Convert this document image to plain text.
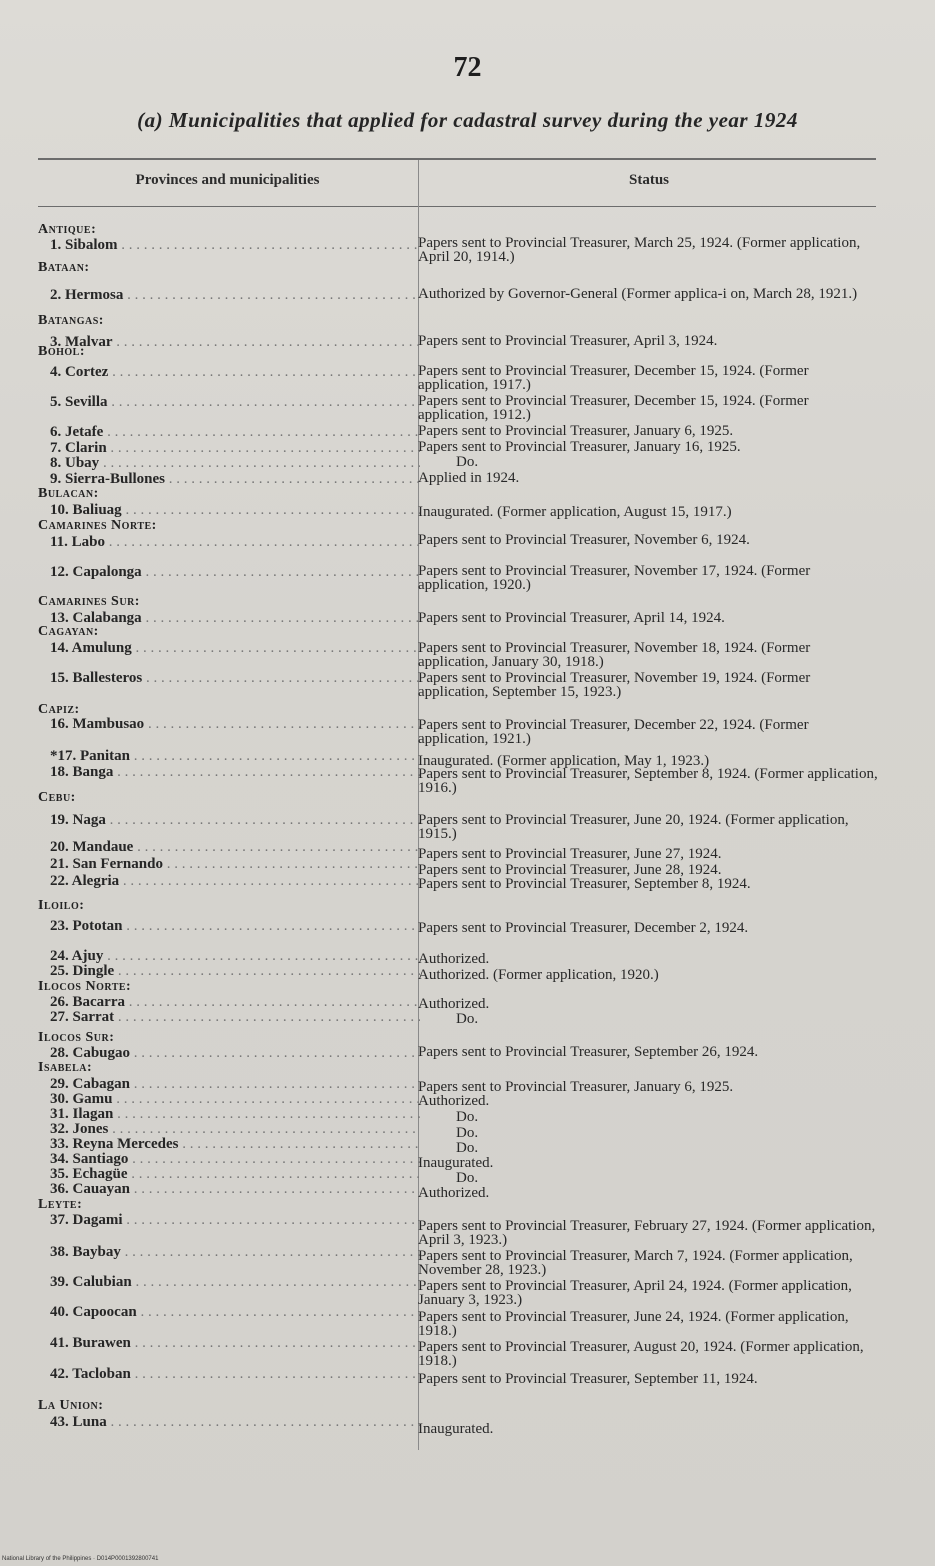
72
(a) Municipalities that applied for cadastral survey during the year 1924
Provinces and municipalities	Status
Antique:
1. Sibalom . . .	Papers sent to Provincial Treasurer, March 25, 1924. (Former application, April 20, 1914.)
Bataan:
2. Hermosa . . .	Authorized by Governor-General (Former applica-i on, March 28, 1921.)
Batangas:
3. Malvar . . .	Papers sent to Provincial Treasurer, April 3, 1924.
Bohol:
4. Cortez . . .	Papers sent to Provincial Treasurer, December 15, 1924. (Former application, 1917.)
5. Sevilla . . .	Papers sent to Provincial Treasurer, December 15, 1924. (Former application, 1912.)
6. Jetafe . . .	Papers sent to Provincial Treasurer, January 6, 1925.
7. Clarin . . .	Papers sent to Provincial Treasurer, January 16, 1925.
8. Ubay . . .	Do.
9. Sierra-Bullones . . .	Applied in 1924.
Bulacan:
10. Baliuag . . .	Inaugurated. (Former application, August 15, 1917.)
Camarines Norte:
11. Labo . . .	Papers sent to Provincial Treasurer, November 6, 1924.
12. Capalonga . . .	Papers sent to Provincial Treasurer, November 17, 1924. (Former application, 1920.)
Camarines Sur:
13. Calabanga . . .	Papers sent to Provincial Treasurer, April 14, 1924.
Cagayan:
14. Amulung . . .	Papers sent to Provincial Treasurer, November 18, 1924. (Former application, January 30, 1918.)
15. Ballesteros . . .	Papers sent to Provincial Treasurer, November 19, 1924. (Former application, September 15, 1923.)
Capiz:
16. Mambusao . . .	Papers sent to Provincial Treasurer, December 22, 1924. (Former application, 1921.)
*17. Panitan . . .	Inaugurated. (Former application, May 1, 1923.)
18. Banga . . .	Papers sent to Provincial Treasurer, September 8, 1924. (Former application, 1916.)
Cebu:
19. Naga . . .	Papers sent to Provincial Treasurer, June 20, 1924. (Former application, 1915.)
20. Mandaue . . .	Papers sent to Provincial Treasurer, June 27, 1924.
21. San Fernando . . .	Papers sent to Provincial Treasurer, June 28, 1924.
22. Alegria . . .	Papers sent to Provincial Treasurer, September 8, 1924.
Iloilo:
23. Pototan . . .	Papers sent to Provincial Treasurer, December 2, 1924.
24. Ajuy . . .	Authorized.
25. Dingle . . .	Authorized. (Former application, 1920.)
Ilocos Norte:
26. Bacarra . . .	Authorized.
27. Sarrat . . .	Do.
Ilocos Sur:
28. Cabugao . . .	Papers sent to Provincial Treasurer, September 26, 1924.
Isabela:
29. Cabagan . . .	Papers sent to Provincial Treasurer, January 6, 1925.
30. Gamu . . .	Authorized.
31. Ilagan . . .	Do.
32. Jones . . .	Do.
33. Reyna Mercedes . . .	Do.
34. Santiago . . .	Inaugurated.
35. Echagüe . . .	Do.
36. Cauayan . . .	Authorized.
Leyte:
37. Dagami . . .	Papers sent to Provincial Treasurer, February 27, 1924. (Former application, April 3, 1923.)
38. Baybay . . .	Papers sent to Provincial Treasurer, March 7, 1924. (Former application, November 28, 1923.)
39. Calubian . . .	Papers sent to Provincial Treasurer, April 24, 1924. (Former application, January 3, 1923.)
40. Capoocan . . .	Papers sent to Provincial Treasurer, June 24, 1924. (Former application, 1918.)
41. Burawen . . .	Papers sent to Provincial Treasurer, August 20, 1924. (Former application, 1918.)
42. Tacloban . . .	Papers sent to Provincial Treasurer, September 11, 1924.
La Union:
43. Luna . . .	Inaugurated.
National Library of the Philippines · D014P0001392800741
